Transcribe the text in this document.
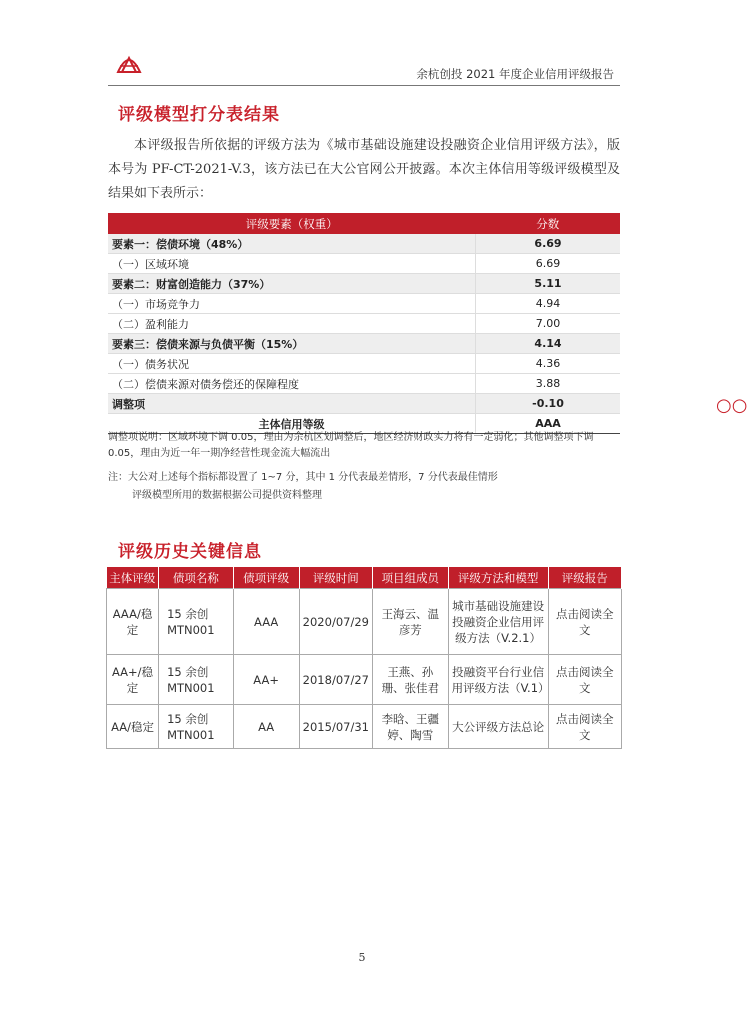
余杭创投 2021 年度企业信用评级报告
评级模型打分表结果
本评级报告所依据的评级方法为《城市基础设施建设投融资企业信用评级方法》，版本号为 PF-CT-2021-V.3，该方法已在大公官网公开披露。本次主体信用等级评级模型及结果如下表所示：
评级要素（权重）	分数
要素一：偿债环境（48%）	6.69
（一）区域环境	6.69
要素二：财富创造能力（37%）	5.11
（一）市场竞争力	4.94
（二）盈利能力	7.00
要素三：偿债来源与负债平衡（15%）	4.14
（一）债务状况	4.36
（二）偿债来源对债务偿还的保障程度	3.88
调整项	-0.10
主体信用等级	AAA
调整项说明：区域环境下调 0.05，理由为余杭区划调整后，地区经济财政实力将有一定弱化；其他调整项下调 0.05，理由为近一年一期净经营性现金流大幅流出
注：大公对上述每个指标都设置了 1~7 分，其中 1 分代表最差情形，7 分代表最佳情形
评级模型所用的数据根据公司提供资料整理
评级历史关键信息
主体评级	债项名称	债项评级	评级时间	项目组成员	评级方法和模型	评级报告
AAA/稳定	15 余创 MTN001	AAA	2020/07/29	王海云、温彦芳	城市基础设施建设投融资企业信用评级方法（V.2.1）	点击阅读全文
AA+/稳定	15 余创 MTN001	AA+	2018/07/27	王燕、孙珊、张佳君	投融资平台行业信用评级方法（V.1）	点击阅读全文
AA/稳定	15 余创 MTN001	AA	2015/07/31	李晗、王疆婷、陶雪	大公评级方法总论	点击阅读全文
○○
5
